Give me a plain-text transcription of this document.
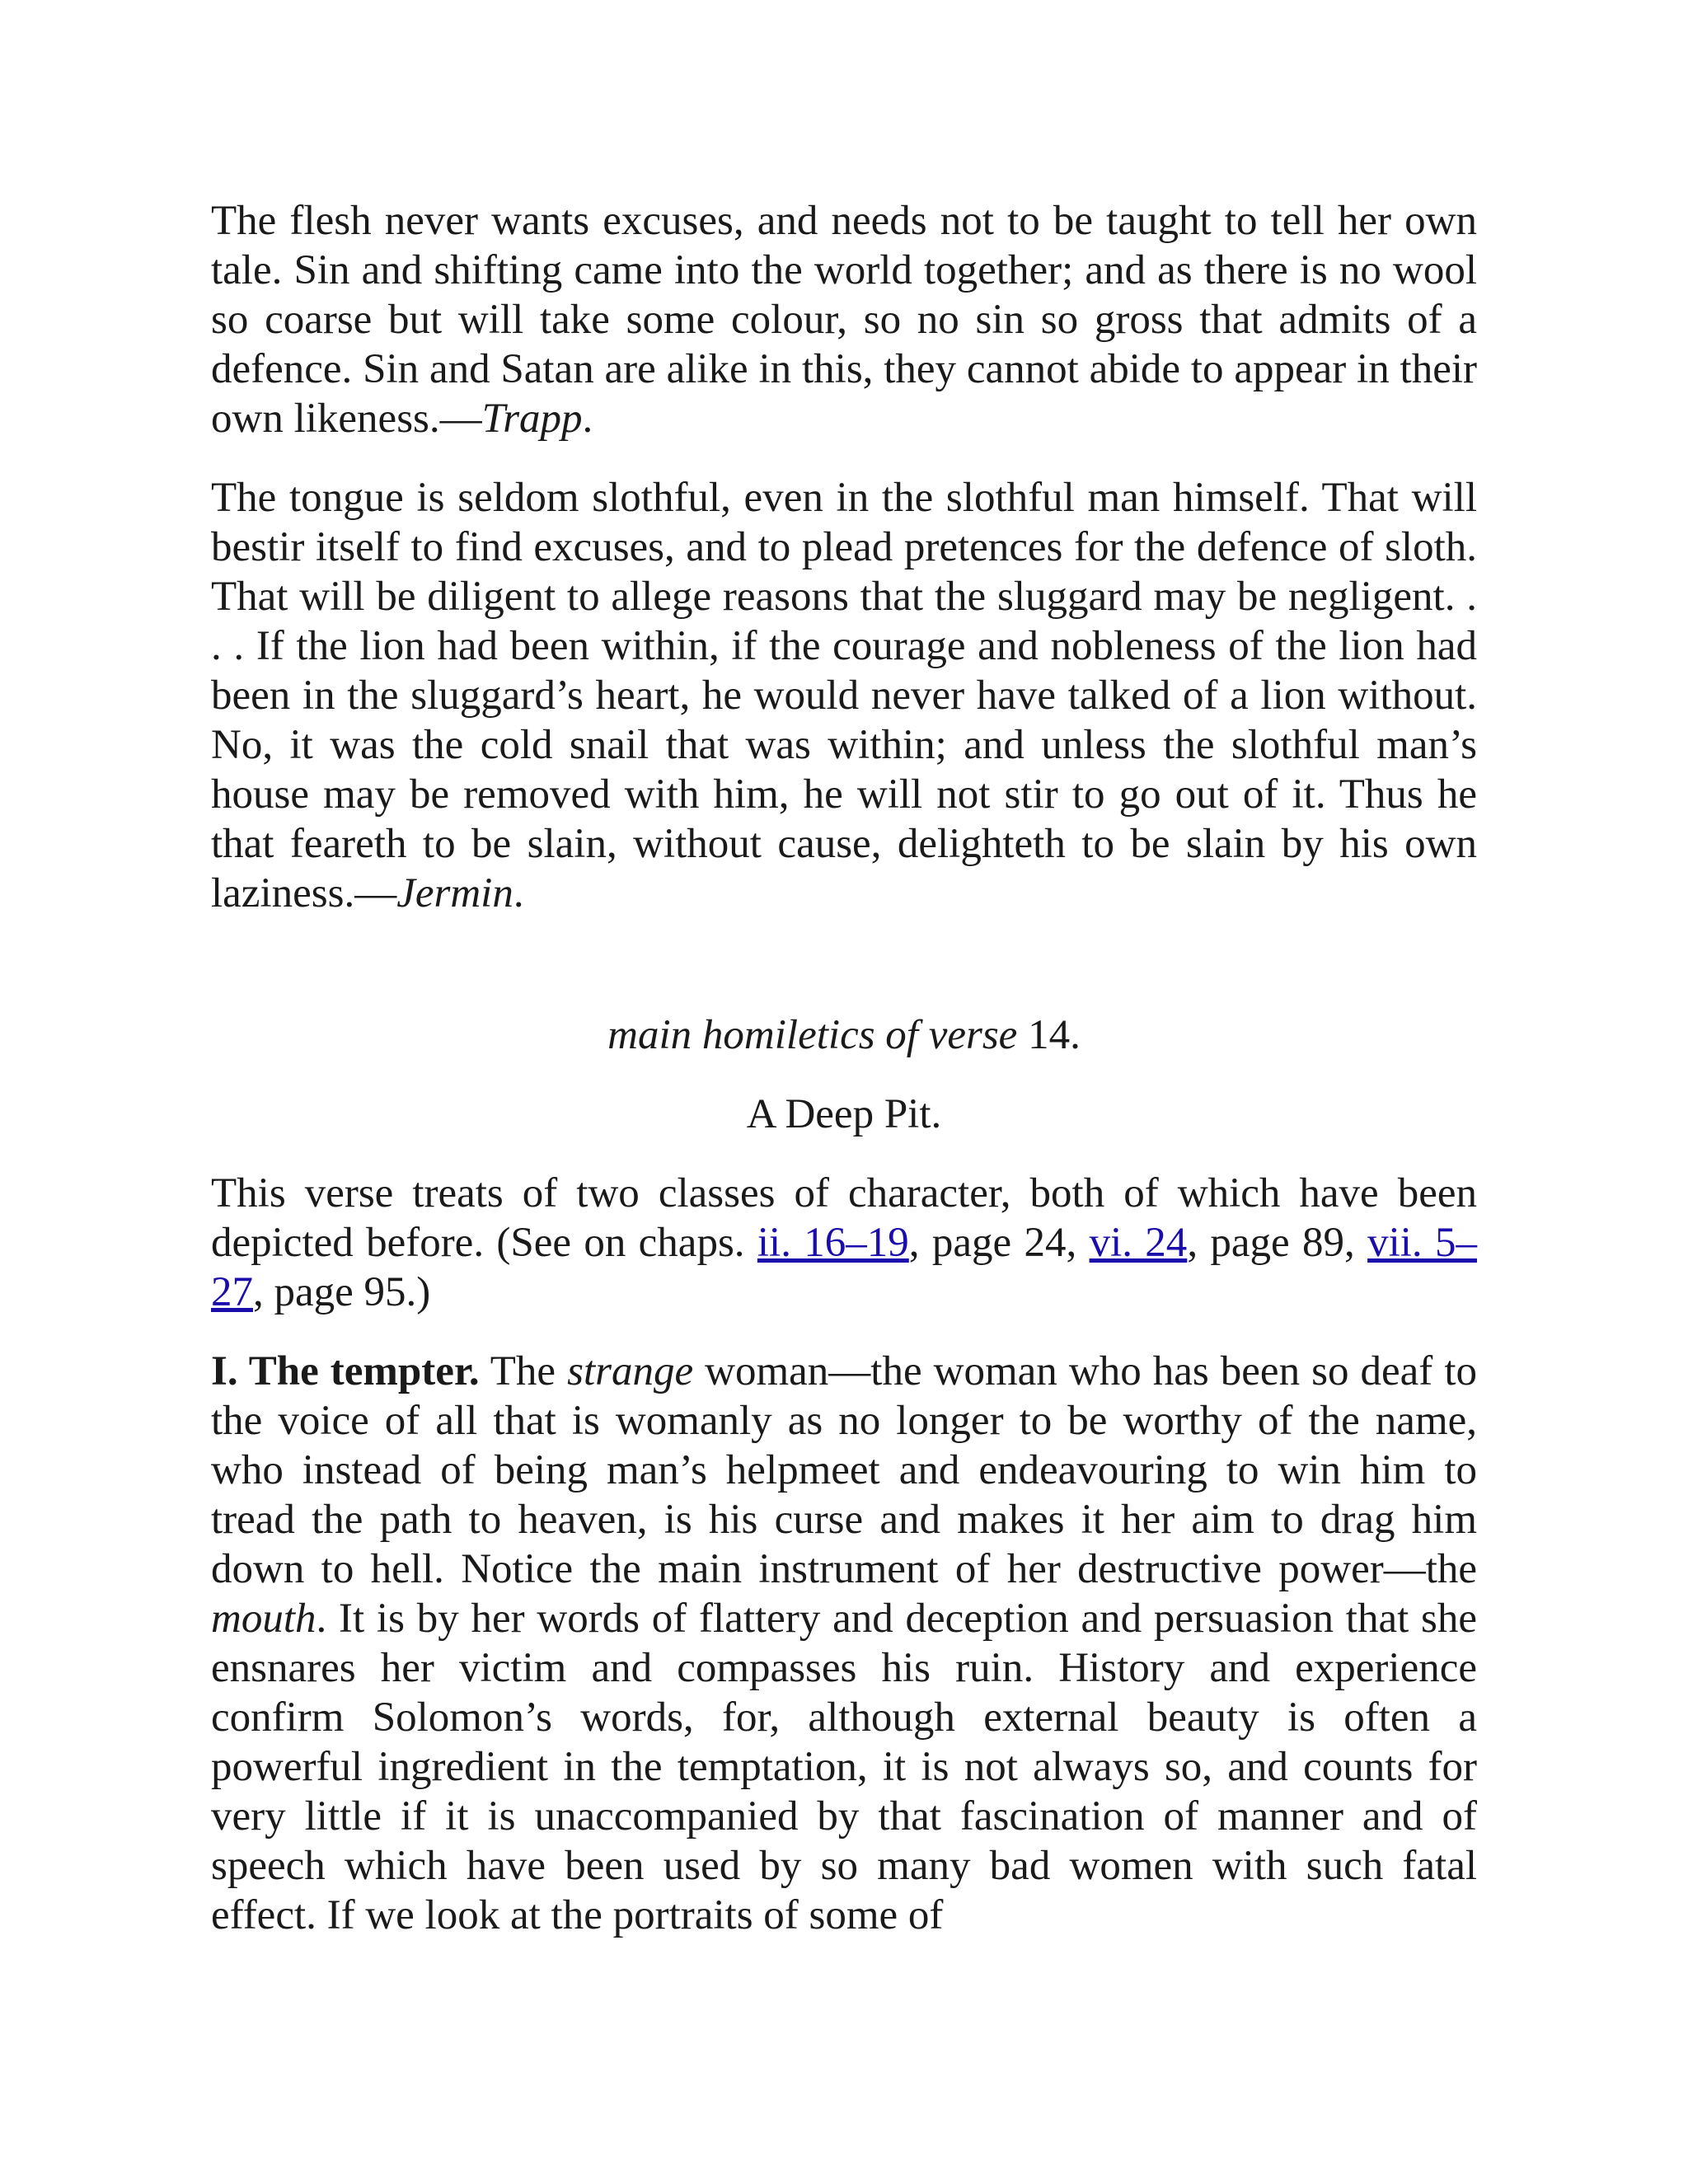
The flesh never wants excuses, and needs not to be taught to tell her own tale. Sin and shifting came into the world together; and as there is no wool so coarse but will take some colour, so no sin so gross that admits of a defence. Sin and Satan are alike in this, they cannot abide to appear in their own likeness.—Trapp.

The tongue is seldom slothful, even in the slothful man himself. That will bestir itself to find excuses, and to plead pretences for the defence of sloth. That will be diligent to allege reasons that the sluggard may be negligent. . . . If the lion had been within, if the courage and nobleness of the lion had been in the sluggard’s heart, he would never have talked of a lion without. No, it was the cold snail that was within; and unless the slothful man’s house may be removed with him, he will not stir to go out of it. Thus he that feareth to be slain, without cause, delighteth to be slain by his own laziness.—Jermin.

main homiletics of verse 14.

A Deep Pit.

This verse treats of two classes of character, both of which have been depicted before. (See on chaps. ii. 16–19, page 24, vi. 24, page 89, vii. 5–27, page 95.)

I. The tempter. The strange woman—the woman who has been so deaf to the voice of all that is womanly as no longer to be worthy of the name, who instead of being man’s helpmeet and endeavouring to win him to tread the path to heaven, is his curse and makes it her aim to drag him down to hell. Notice the main instrument of her destructive power—the mouth. It is by her words of flattery and deception and persuasion that she ensnares her victim and compasses his ruin. History and experience confirm Solomon’s words, for, although external beauty is often a powerful ingredient in the temptation, it is not always so, and counts for very little if it is unaccompanied by that fascination of manner and of speech which have been used by so many bad women with such fatal effect. If we look at the portraits of some of
